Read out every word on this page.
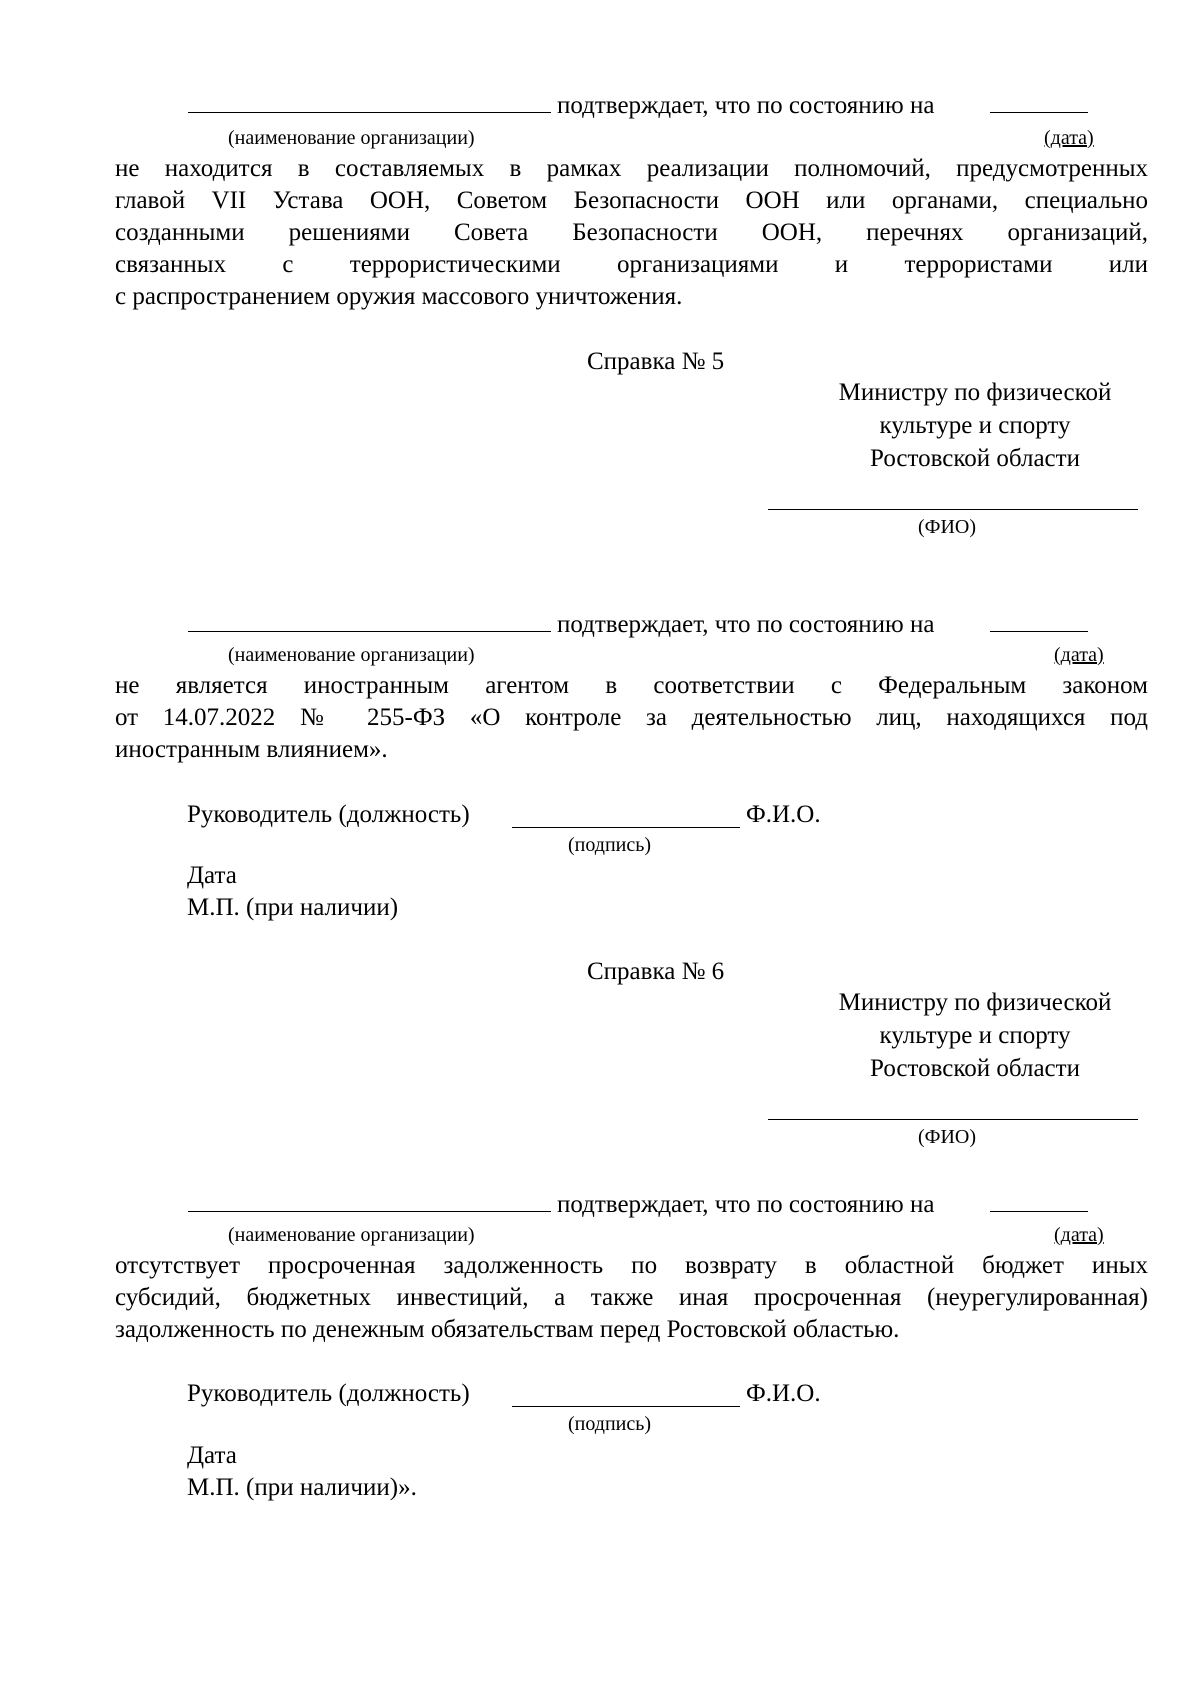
подтверждает, что по состоянию на
(наименование организации)	(дата)
не находится в составляемых в рамках реализации полномочий, предусмотренных
главой VII Устава ООН, Советом Безопасности ООН или органами, специально
созданными решениями Совета Безопасности ООН, перечнях организаций,
связанных с террористическими организациями и террористами или
с распространением оружия массового уничтожения.
Справка № 5
Министру по физической
культуре и спорту
Ростовской области
(ФИО)
подтверждает, что по состоянию на
(наименование организации)	(дата)
не является иностранным агентом в соответствии с Федеральным законом
от 14.07.2022 № 255-ФЗ «О контроле за деятельностью лиц, находящихся под
иностранным влиянием».
Руководитель (должность)	Ф.И.О.
(подпись)
Дата
М.П. (при наличии)
Справка № 6
Министру по физической
культуре и спорту
Ростовской области
(ФИО)
подтверждает, что по состоянию на
(наименование организации)	(дата)
отсутствует просроченная задолженность по возврату в областной бюджет иных
субсидий, бюджетных инвестиций, а также иная просроченная (неурегулированная)
задолженность по денежным обязательствам перед Ростовской областью.
Руководитель (должность)	Ф.И.О.
(подпись)
Дата
М.П. (при наличии)».
